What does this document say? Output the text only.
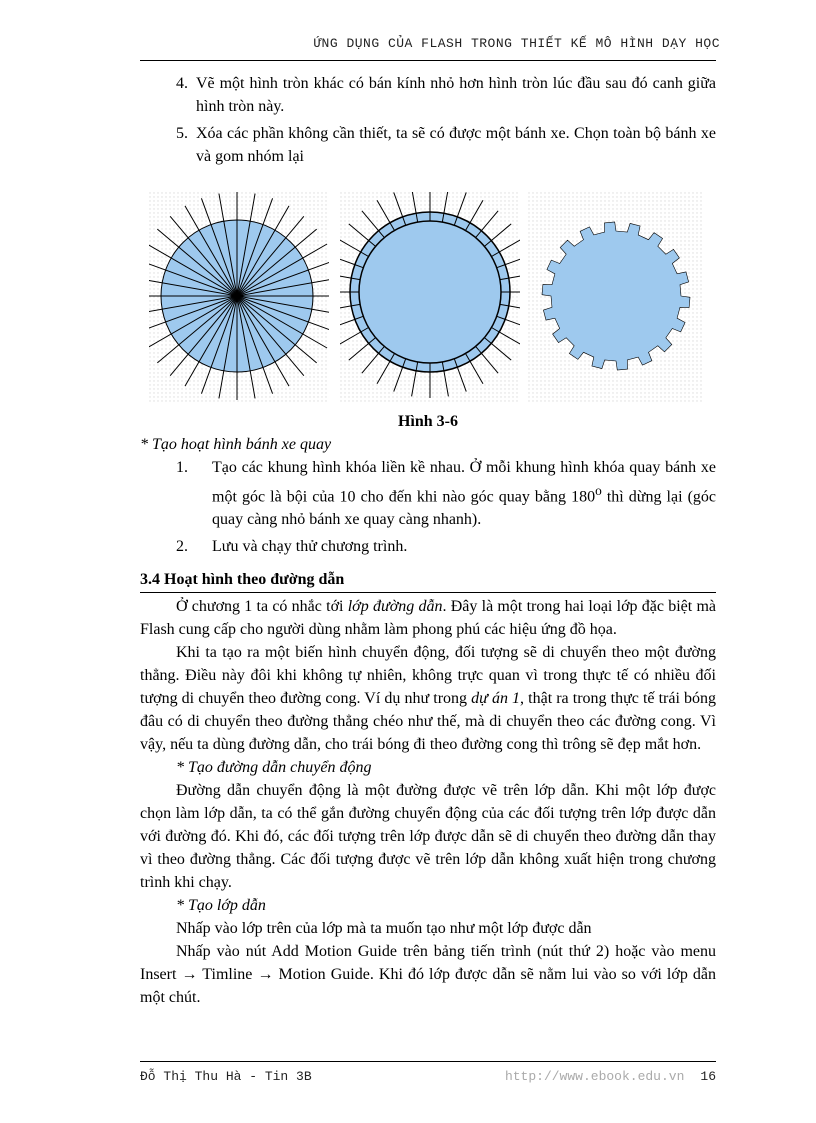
ỨNG DỤNG CỦA FLASH TRONG THIẾT KẾ MÔ HÌNH DẠY HỌC
4. Vẽ một hình tròn khác có bán kính nhỏ hơn hình tròn lúc đầu sau đó canh giữa hình tròn này.
5. Xóa các phần không cần thiết, ta sẽ có được một bánh xe. Chọn toàn bộ bánh xe và gom nhóm lại

Hình 3-6

* Tạo hoạt hình bánh xe quay

1. Tạo các khung hình khóa liền kề nhau. Ở mỗi khung hình khóa quay bánh xe một góc là bội của 10 cho đến khi nào góc quay bằng 180$^o$ thì dừng lại (góc quay càng nhỏ bánh xe quay càng nhanh).
2. Lưu và chạy thử chương trình.

3.4 Hoạt hình theo đường dẫn

Ở chương 1 ta có nhắc tới lớp đường dẫn. Đây là một trong hai loại lớp đặc biệt mà Flash cung cấp cho người dùng nhằm làm phong phú các hiệu ứng đồ họa.

Khi ta tạo ra một biến hình chuyển động, đối tượng sẽ di chuyển theo một đường thẳng. Điều này đôi khi không tự nhiên, không trực quan vì trong thực tế có nhiều đối tượng di chuyển theo đường cong. Ví dụ như trong dự án 1, thật ra trong thực tế trái bóng đâu có di chuyển theo đường thẳng chéo như thế, mà di chuyển theo các đường cong. Vì vậy, nếu ta dùng đường dẫn, cho trái bóng đi theo đường cong thì trông sẽ đẹp mắt hơn.

* Tạo đường dẫn chuyển động

Đường dẫn chuyển động là một đường được vẽ trên lớp dẫn. Khi một lớp được chọn làm lớp dẫn, ta có thể gắn đường chuyển động của các đối tượng trên lớp được dẫn với đường đó. Khi đó, các đối tượng trên lớp được dẫn sẽ di chuyển theo đường dẫn thay vì theo đường thẳng. Các đối tượng được vẽ trên lớp dẫn không xuất hiện trong chương trình khi chạy.

* Tạo lớp dẫn

Nhấp vào lớp trên của lớp mà ta muốn tạo như một lớp được dẫn

Nhấp vào nút Add Motion Guide trên bảng tiến trình (nút thứ 2) hoặc vào menu Insert → Timline → Motion Guide. Khi đó lớp được dẫn sẽ nằm lui vào so với lớp dẫn một chút.

Đỗ Thị Thu Hà - Tin 3B	http://www.ebook.edu.vn 16
